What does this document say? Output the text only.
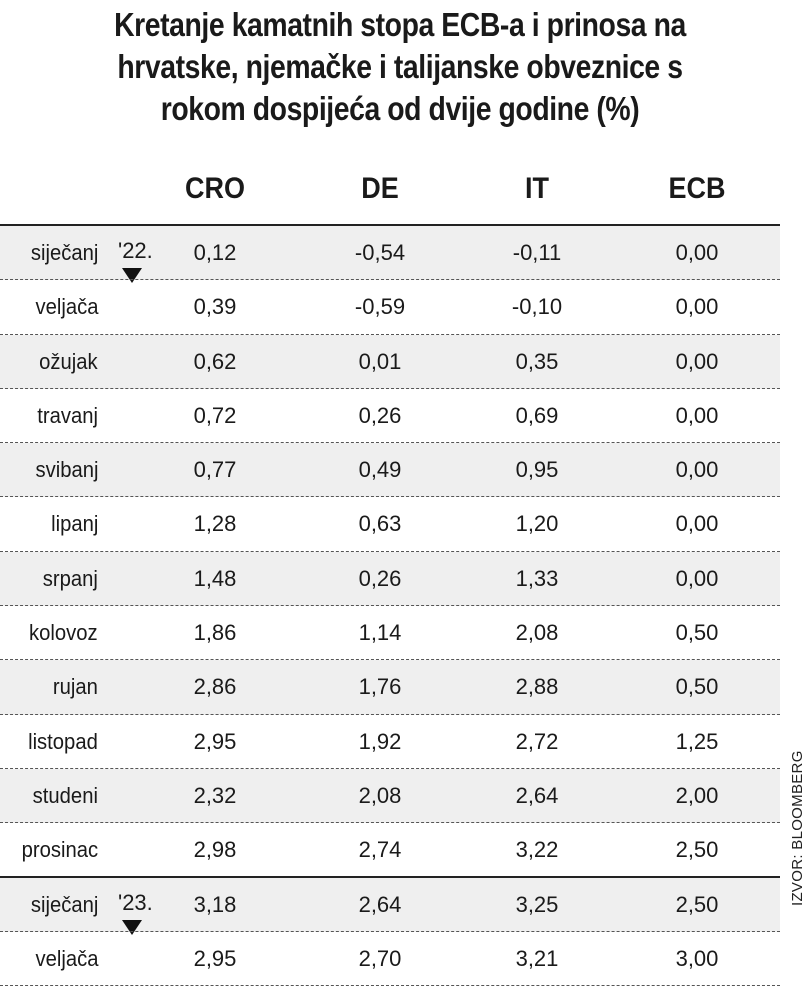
Kretanje kamatnih stopa ECB-a i prinosa na
hrvatske, njemačke i talijanske obveznice s
rokom dospijeća od dvije godine (%)
CRO	DE	IT	ECB
siječanj '22. 0,12	-0,54	-0,11	0,00
veljača	0,39	-0,59	-0,10	0,00
ožujak	0,62	0,01	0,35	0,00
travanj	0,72	0,26	0,69	0,00
svibanj	0,77	0,49	0,95	0,00
lipanj	1,28	0,63	1,20	0,00
srpanj	1,48	0,26	1,33	0,00
kolovoz	1,86	1,14	2,08	0,50
rujan	2,86	1,76	2,88	0,50
listopad	2,95	1,92	2,72	1,25
studeni	2,32	2,08	2,64	2,00
prosinac	2,98	2,74	3,22	2,50
siječanj '23. 3,18	2,64	3,25	2,50
veljača	2,95	2,70	3,21	3,00
IZVOR: BLOOMBERG
